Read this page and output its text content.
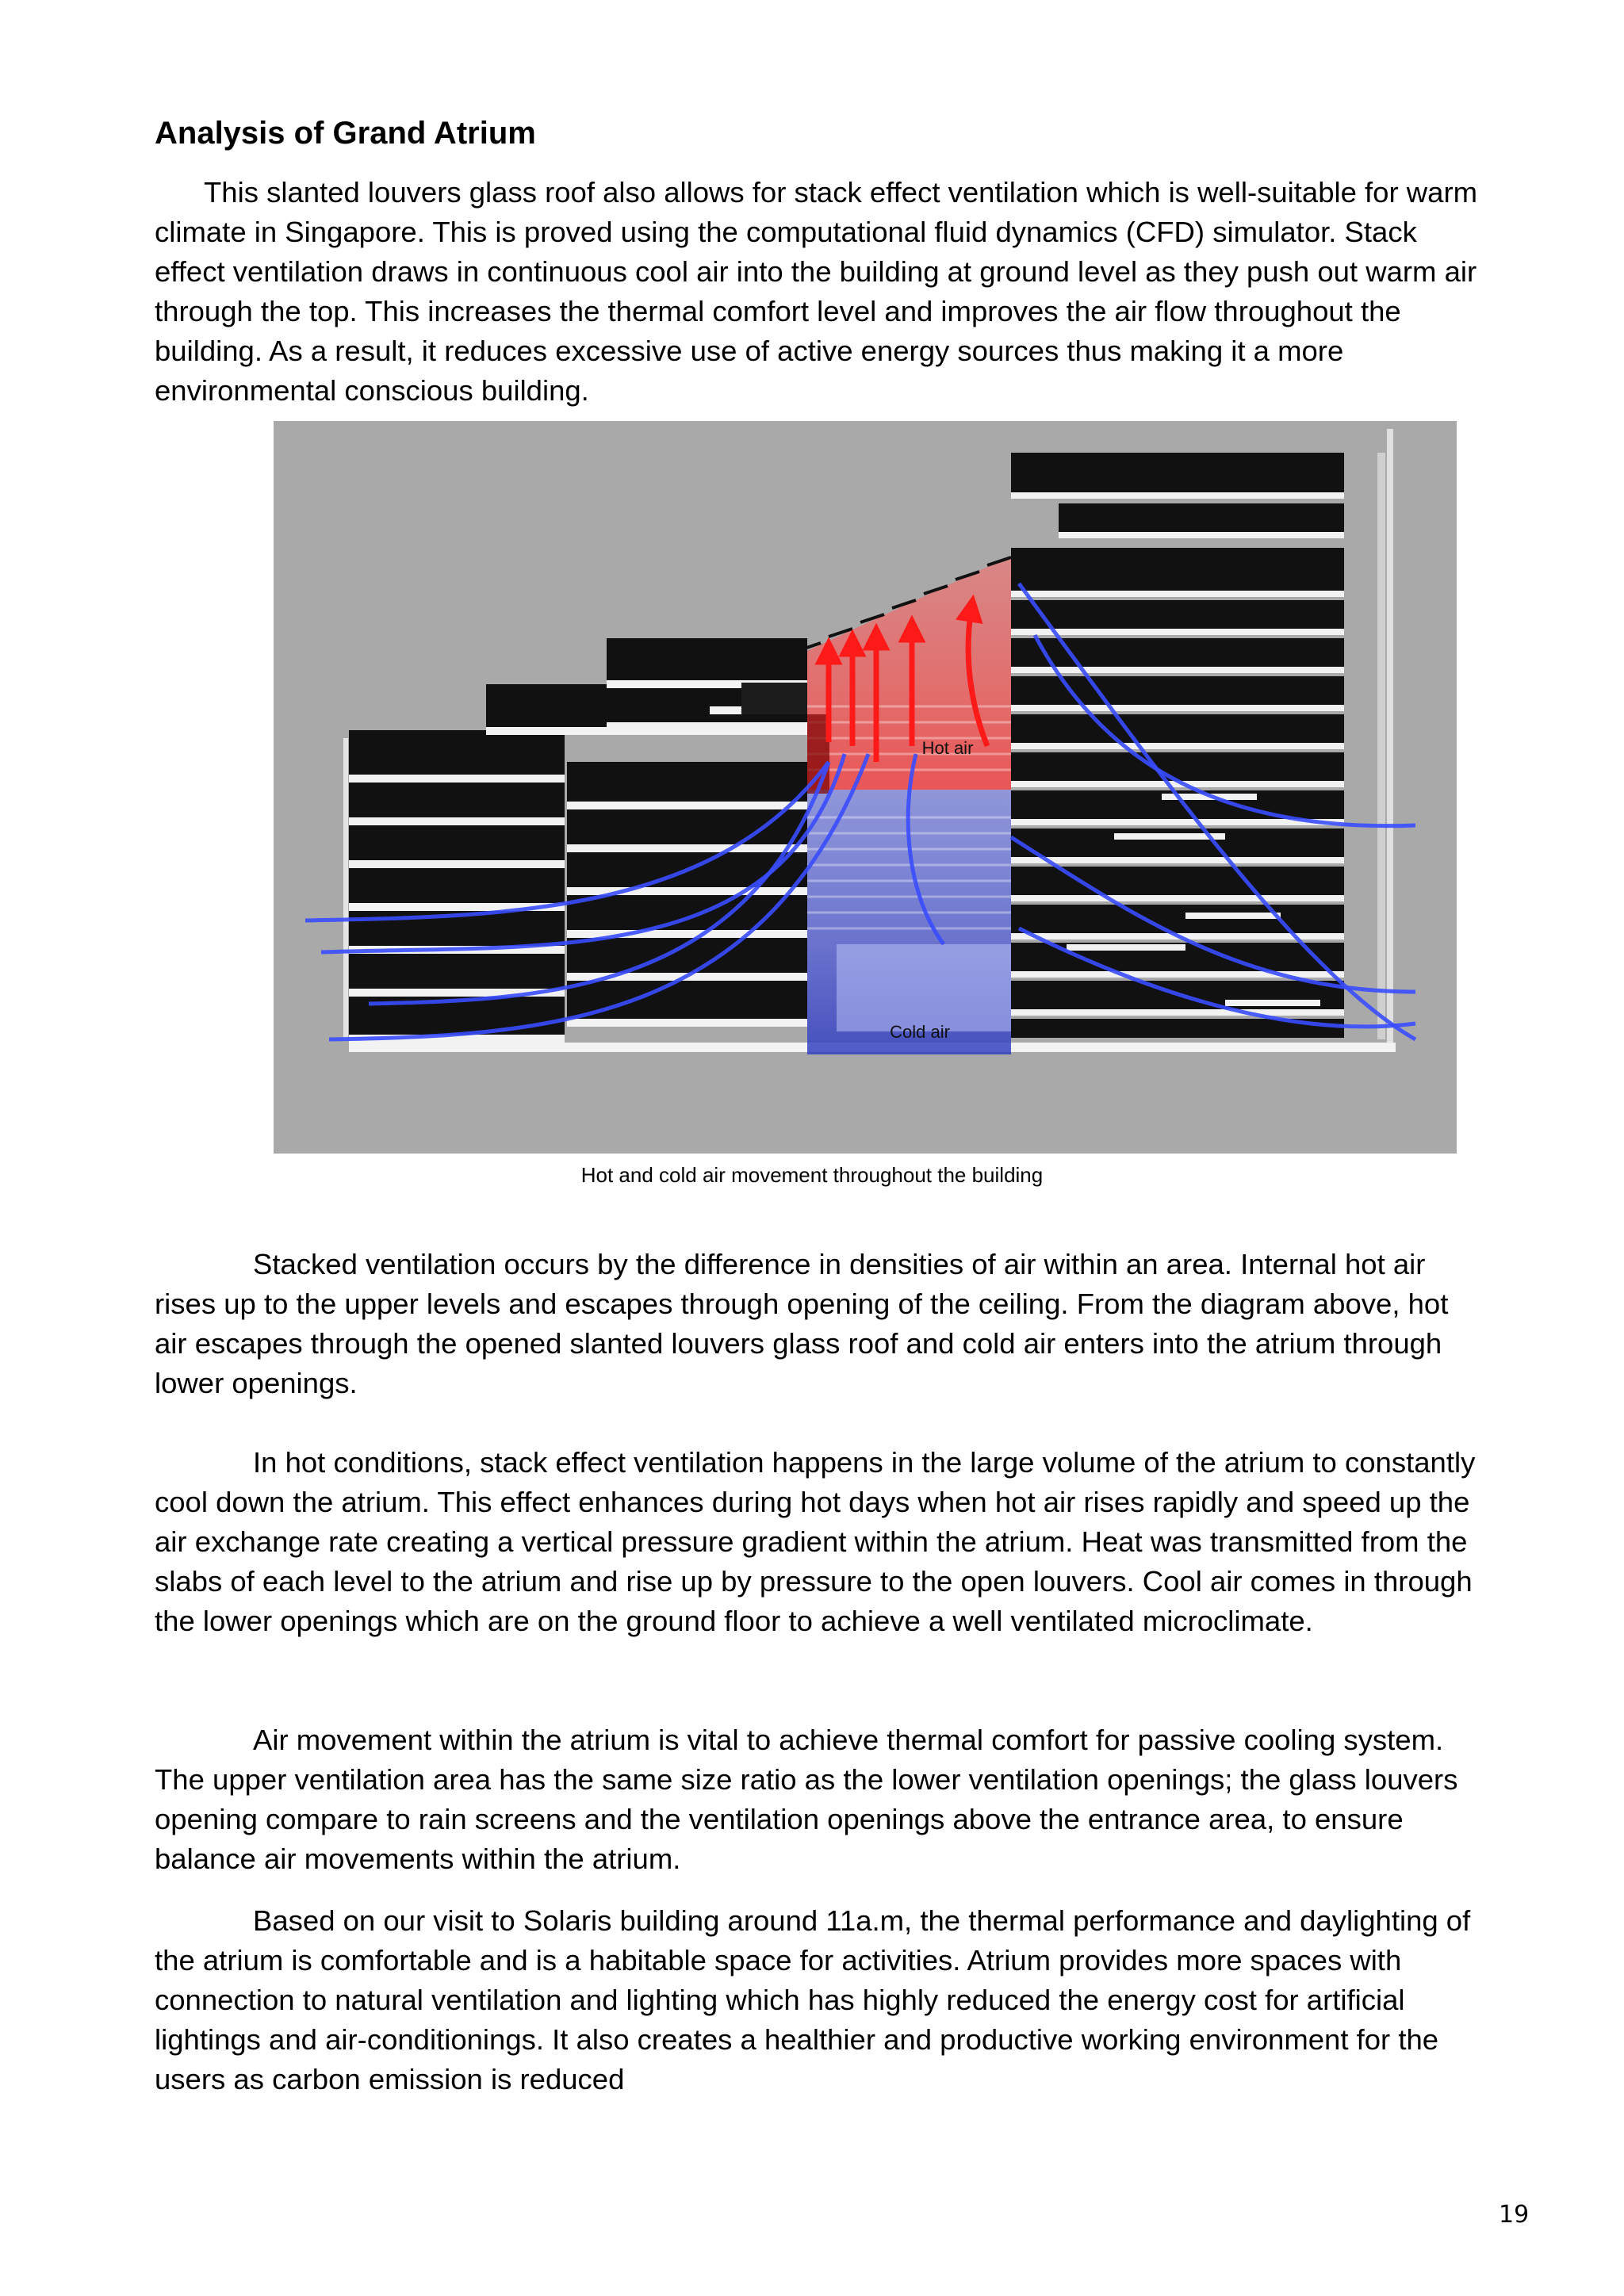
Analysis of Grand Atrium

This slanted louvers glass roof also allows for stack effect ventilation which is well-suitable for warm climate in Singapore. This is proved using the computational fluid dynamics (CFD) simulator. Stack effect ventilation draws in continuous cool air into the building at ground level as they push out warm air through the top. This increases the thermal comfort level and improves the air flow throughout the building. As a result, it reduces excessive use of active energy sources thus making it a more environmental conscious building.

Hot air
Cold air

Hot and cold air movement throughout the building

Stacked ventilation occurs by the difference in densities of air within an area. Internal hot air rises up to the upper levels and escapes through opening of the ceiling. From the diagram above, hot air escapes through the opened slanted louvers glass roof and cold air enters into the atrium through lower openings.

In hot conditions, stack effect ventilation happens in the large volume of the atrium to constantly cool down the atrium. This effect enhances during hot days when hot air rises rapidly and speed up the air exchange rate creating a vertical pressure gradient within the atrium. Heat was transmitted from the slabs of each level to the atrium and rise up by pressure to the open louvers. Cool air comes in through the lower openings which are on the ground floor to achieve a well ventilated microclimate.

Air movement within the atrium is vital to achieve thermal comfort for passive cooling system. The upper ventilation area has the same size ratio as the lower ventilation openings; the glass louvers opening compare to rain screens and the ventilation openings above the entrance area, to ensure balance air movements within the atrium.

Based on our visit to Solaris building around 11a.m, the thermal performance and daylighting of the atrium is comfortable and is a habitable space for activities. Atrium provides more spaces with connection to natural ventilation and lighting which has highly reduced the energy cost for artificial lightings and air-conditionings. It also creates a healthier and productive working environment for the users as carbon emission is reduced

19
